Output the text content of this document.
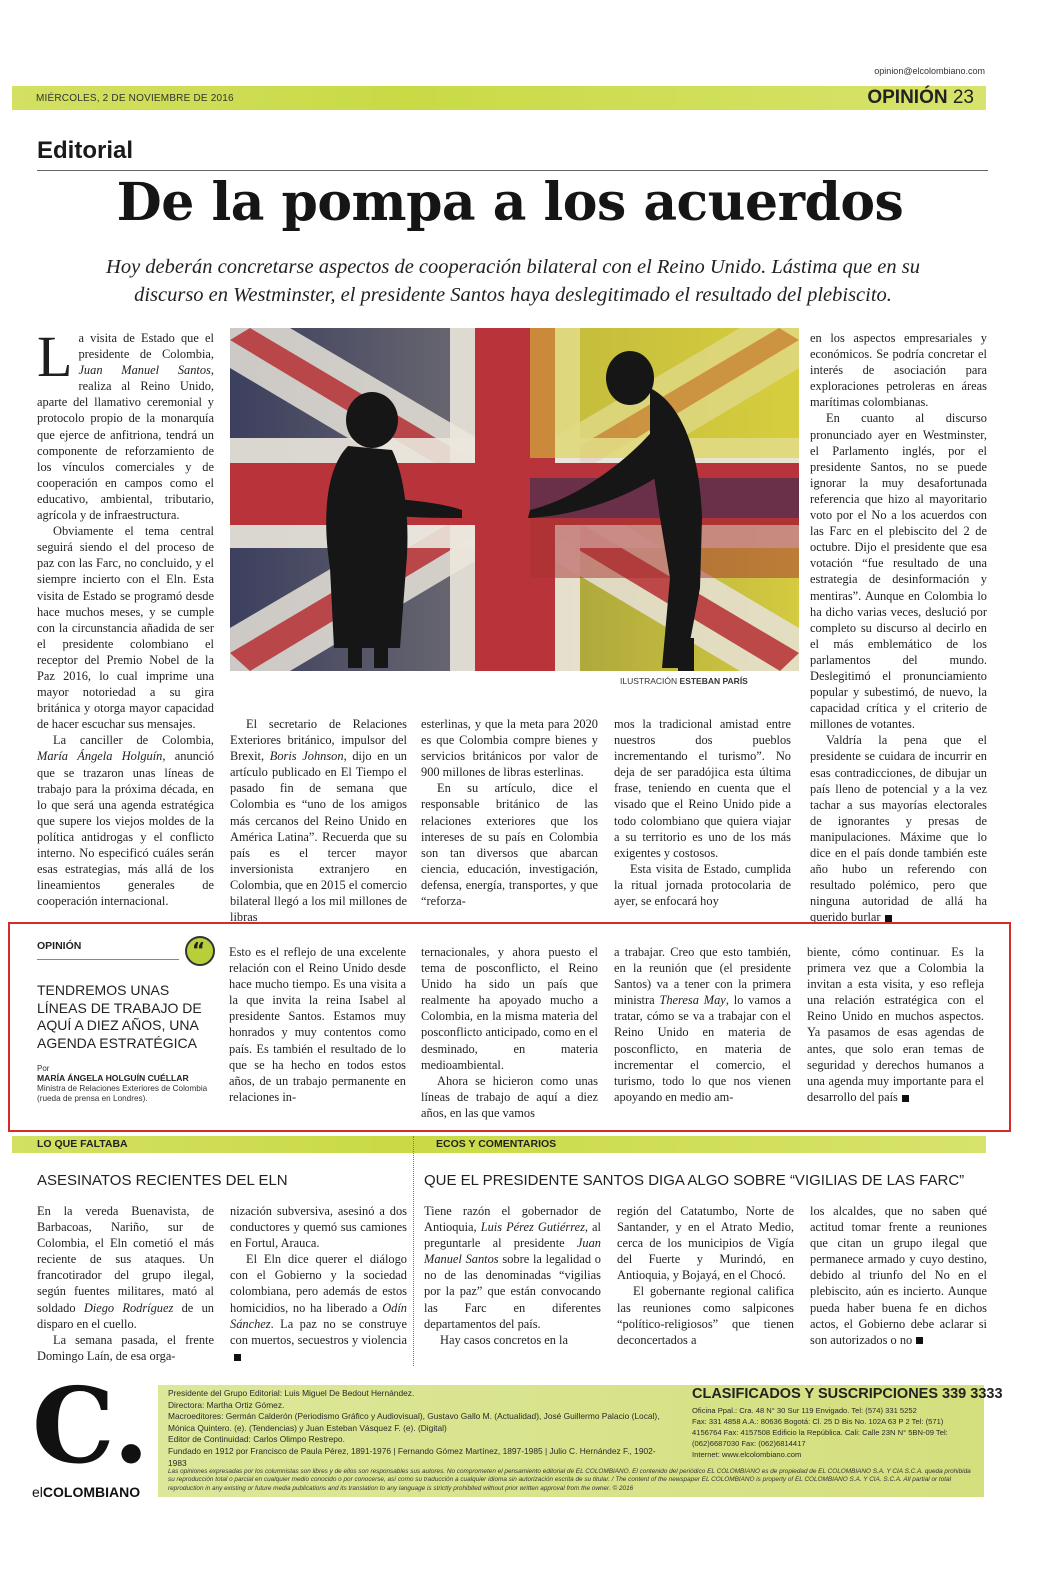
opinion@elcolombiano.com
MIÉRCOLES, 2 DE NOVIEMBRE DE 2016	OPINIÓN 23
Editorial
De la pompa a los acuerdos
Hoy deberán concretarse aspectos de cooperación bilateral con el Reino Unido. Lástima que en su
discurso en Westminster, el presidente Santos haya deslegitimado el resultado del plebiscito.
ILUSTRACIÓN ESTEBAN PARÍS

La visita de Estado que el presidente de Colombia, Juan Manuel Santos, realiza al Reino Unido, aparte del llamativo ceremonial y protocolo propio de la monarquía que ejerce de anfitriona, tendrá un componente de reforzamiento de los vínculos comerciales y de cooperación en campos como el educativo, ambiental, tributario, agrícola y de infraestructura.

Obviamente el tema central seguirá siendo el del proceso de paz con las Farc, no concluido, y el siempre incierto con el Eln. Esta visita de Estado se programó desde hace muchos meses, y se cumple con la circunstancia añadida de ser el presidente colombiano el receptor del Premio Nobel de la Paz 2016, lo cual imprime una mayor notoriedad a su gira británica y otorga mayor capacidad de hacer escuchar sus mensajes.

La canciller de Colombia, María Ángela Holguín, anunció que se trazaron unas líneas de trabajo para la próxima década, en lo que será una agenda estratégica que supere los viejos moldes de la política antidrogas y el conflicto interno. No especificó cuáles serán esas estrategias, más allá de los lineamientos generales de cooperación internacional.

El secretario de Relaciones Exteriores británico, impulsor del Brexit, Boris Johnson, dijo en un artículo publicado en El Tiempo el pasado fin de semana que Colombia es “uno de los amigos más cercanos del Reino Unido en América Latina”. Recuerda que su país es el tercer mayor inversionista extranjero en Colombia, que en 2015 el comercio bilateral llegó a los mil millones de libras

esterlinas, y que la meta para 2020 es que Colombia compre bienes y servicios británicos por valor de 900 millones de libras esterlinas.

En su artículo, dice el responsable británico de las relaciones exteriores que los intereses de su país en Colombia son tan diversos que abarcan ciencia, educación, investigación, defensa, energía, transportes, y que “reforza-

mos la tradicional amistad entre nuestros dos pueblos incrementando el turismo”. No deja de ser paradójica esta última frase, teniendo en cuenta que el visado que el Reino Unido pide a todo colombiano que quiera viajar a su territorio es uno de los más exigentes y costosos.

Esta visita de Estado, cumplida la ritual jornada protocolaria de ayer, se enfocará hoy

en los aspectos empresariales y económicos. Se podría concretar el interés de asociación para exploraciones petroleras en áreas marítimas colombianas.

En cuanto al discurso pronunciado ayer en Westminster, el Parlamento inglés, por el presidente Santos, no se puede ignorar la muy desafortunada referencia que hizo al mayoritario voto por el No a los acuerdos con las Farc en el plebiscito del 2 de octubre. Dijo el presidente que esa votación “fue resultado de una estrategia de desinformación y mentiras”. Aunque en Colombia lo ha dicho varias veces, deslució por completo su discurso al decirlo en el más emblemático de los parlamentos del mundo. Deslegitimó el pronunciamiento popular y subestimó, de nuevo, la capacidad crítica y el criterio de millones de votantes.

Valdría la pena que el presidente se cuidara de incurrir en esas contradicciones, de dibujar un país lleno de potencial y a la vez tachar a sus mayorías electorales de ignorantes y presas de manipulaciones. Máxime que lo dice en el país donde también este año hubo un referendo con resultado polémico, pero que ninguna autoridad de allá ha querido burlar

OPINIÓN	“
TENDREMOS UNAS LÍNEAS DE TRABAJO DE AQUÍ A DIEZ AÑOS, UNA AGENDA ESTRATÉGICA
Por
MARÍA ÁNGELA HOLGUÍN CUÉLLAR
Ministra de Relaciones Exteriores de Colombia (rueda de prensa en Londres).

Esto es el reflejo de una excelente relación con el Reino Unido desde hace mucho tiempo. Es una visita a la que invita la reina Isabel al presidente Santos. Estamos muy honrados y muy contentos como país. Es también el resultado de lo que se ha hecho en todos estos años, de un trabajo permanente en relaciones in-

ternacionales, y ahora puesto el tema de posconflicto, el Reino Unido ha sido un país que realmente ha apoyado mucho a Colombia, en la misma materia del posconflicto anticipado, como en el desminado, en materia medioambiental.

Ahora se hicieron como unas líneas de trabajo de aquí a diez años, en las que vamos

a trabajar. Creo que esto también, en la reunión que (el presidente Santos) va a tener con la primera ministra Theresa May, lo vamos a tratar, cómo se va a trabajar con el Reino Unido en materia de posconflicto, en materia de incrementar el comercio, el turismo, todo lo que nos vienen apoyando en medio am-

biente, cómo continuar. Es la primera vez que a Colombia la invitan a esta visita, y eso refleja una relación estratégica con el Reino Unido en muchos aspectos. Ya pasamos de esas agendas de antes, que solo eran temas de seguridad y derechos humanos a una agenda muy importante para el desarrollo del país

LO QUE FALTABA	ECOS Y COMENTARIOS
ASESINATOS RECIENTES DEL ELN	QUE EL PRESIDENTE SANTOS DIGA ALGO SOBRE “VIGILIAS DE LAS FARC”

En la vereda Buenavista, de Barbacoas, Nariño, sur de Colombia, el Eln cometió el más reciente de sus ataques. Un francotirador del grupo ilegal, según fuentes militares, mató al soldado Diego Rodríguez de un disparo en el cuello.

La semana pasada, el frente Domingo Laín, de esa orga-

nización subversiva, asesinó a dos conductores y quemó sus camiones en Fortul, Arauca.

El Eln dice querer el diálogo con el Gobierno y la sociedad colombiana, pero además de estos homicidios, no ha liberado a Odín Sánchez. La paz no se construye con muertos, secuestros y violencia

Tiene razón el gobernador de Antioquia, Luis Pérez Gutiérrez, al preguntarle al presidente Juan Manuel Santos sobre la legalidad o no de las denominadas “vigilias por la paz” que están convocando las Farc en diferentes departamentos del país.

Hay casos concretos en la

región del Catatumbo, Norte de Santander, y en el Atrato Medio, cerca de los municipios de Vigía del Fuerte y Murindó, en Antioquia, y Bojayá, en el Chocó.

El gobernante regional califica las reuniones como salpicones “político-religiosos” que tienen deconcertados a

los alcaldes, que no saben qué actitud tomar frente a reuniones que citan un grupo ilegal que permanece armado y cuyo destino, debido al triunfo del No en el plebiscito, aún es incierto. Aunque pueda haber buena fe en dichos actos, el Gobierno debe aclarar si son autorizados o no

C.
elCOLOMBIANO
Presidente del Grupo Editorial: Luis Miguel De Bedout Hernández.
Directora: Martha Ortiz Gómez.
Macroeditores: Germán Calderón (Periodismo Gráfico y Audiovisual), Gustavo Gallo M. (Actualidad), José Guillermo Palacio (Local),
Mónica Quintero. (e). (Tendencias) y Juan Esteban Vásquez F. (e). (Digital)
Editor de Continuidad: Carlos Olimpo Restrepo.
Fundado en 1912 por Francisco de Paula Pérez, 1891-1976 | Fernando Gómez Martínez, 1897-1985 | Julio C. Hernández F., 1902-1983
CLASIFICADOS Y SUSCRIPCIONES 339 3333
Oficina Ppal.: Cra. 48 N° 30 Sur 119 Envigado. Tel: (574) 331 5252
Fax: 331 4858 A.A.: 80636 Bogotá: Cl. 25 D Bis No. 102A 63 P 2 Tel: (571)
4156764 Fax: 4157508 Edificio la República. Cali: Calle 23N N° 5BN-09 Tel:
(062)6687030 Fax: (062)6814417
Internet: www.elcolombiano.com
Las opiniones expresadas por los columnistas son libres y de ellos son responsables sus autores. No comprometen el pensamiento editorial de EL COLOMBIANO. El contenido del periódico EL COLOMBIANO es de propiedad de EL COLOMBIANO S.A. Y CIA S.C.A. queda prohibida su reproducción total o parcial en cualquier medio conocido o por conocerse, así como su traducción a cualquier idioma sin autorización escrita de su titular. / The content of the newspaper EL COLOMBIANO is property of EL COLOMBIANO S.A. Y CIA. S.C.A. All partial or total reproduction in any existing or future media publications and its translation to any language is strictly prohibited without prior written approval from the owner. © 2016
